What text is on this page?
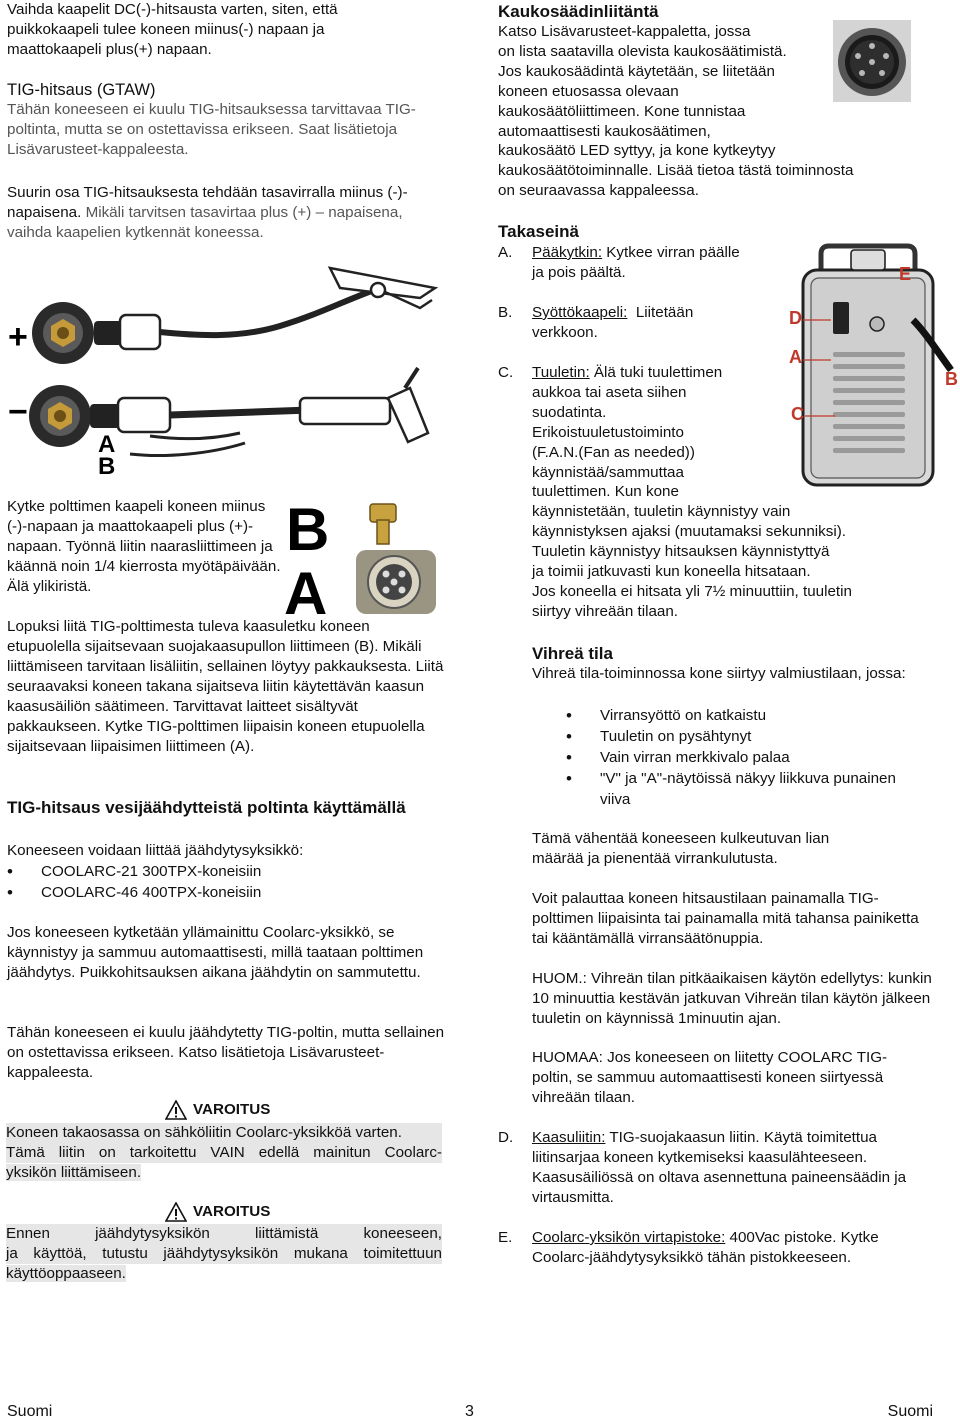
Vaihda kaapelit DC(-)-hitsausta varten, siten, että puikkokaapeli tulee koneen miinus(-) napaan ja maattokaapeli plus(+) napaan.

TIG-hitsaus (GTAW)

Tähän koneeseen ei kuulu TIG-hitsauksessa tarvittavaa TIG-poltinta, mutta se on ostettavissa erikseen. Saat lisätietoja Lisävarusteet-kappaleesta.

Suurin osa TIG-hitsauksesta tehdään tasavirralla miinus (-)-napaisena. Mikäli tarvitsen tasavirtaa plus (+) – napaisena, vaihda kaapelien kytkennät koneessa.

+
−
A
B

Kytke polttimen kaapeli koneen miinus (-)-napaan ja maattokaapeli plus (+)-napaan. Työnnä liitin naarasliittimeen ja käännä noin 1/4 kierrosta myötäpäivään. Älä ylikiristä.

B
A

Lopuksi liitä TIG-polttimesta tuleva kaasuletku koneen etupuolella sijaitsevaan suojakaasupullon liittimeen (B). Mikäli liittämiseen tarvitaan lisäliitin, sellainen löytyy pakkauksesta. Liitä seuraavaksi koneen takana sijaitseva liitin käytettävän kaasun kaasusäiliön säätimeen. Tarvittavat laitteet sisältyvät pakkaukseen. Kytke TIG-polttimen liipaisin koneen etupuolella sijaitsevaan liipaisimen liittimeen (A).

TIG-hitsaus vesijäähdytteistä poltinta käyttämällä

Koneeseen voidaan liittää jäähdytysyksikkö:

• COOLARC-21 300TPX-koneisiin
• COOLARC-46 400TPX-koneisiin

Jos koneeseen kytketään yllämainittu Coolarc-yksikkö, se käynnistyy ja sammuu automaattisesti, millä taataan polttimen jäähdytys. Puikkohitsauksen aikana jäähdytin on sammutettu.

Tähän koneeseen ei kuulu jäähdytetty TIG-poltin, mutta sellainen on ostettavissa erikseen. Katso lisätietoja Lisävarusteet-kappaleesta.

VAROITUS
Koneen takaosassa on sähköliitin Coolarc-yksikköä varten.
Tämä liitin on tarkoitettu VAIN edellä mainitun Coolarc-
yksikön liittämiseen.
VAROITUS
Ennen jäähdytysyksikön liittämistä koneeseen,
ja käyttöä, tutustu jäähdytysyksikön mukana toimitettuun
käyttöoppaaseen.

Kaukosäädinliitäntä

Katso Lisävarusteet-kappaletta, jossa
on lista saatavilla olevista kaukosäätimistä.
Jos kaukosäädintä käytetään, se liitetään
koneen etuosassa olevaan
kaukosäätöliittimeen. Kone tunnistaa
automaattisesti kaukosäätimen,
kaukosäätö LED syttyy, ja kone kytkeytyy
kaukosäätötoiminnalle. Lisää tietoa tästä toiminnosta
on seuraavassa kappaleessa.

Takaseinä

A. Pääkytkin: Kytkee virran päälle
ja pois päältä.
B. Syöttökaapeli:  Liitetään
verkkoon.
C. Tuuletin: Älä tuki tuulettimen
aukkoa tai aseta siihen
suodatinta.
Erikoistuuletustoiminto
(F.A.N.(Fan as needed))
käynnistää/sammuttaa
tuulettimen. Kun kone
käynnistetään, tuuletin käynnistyy vain
käynnistyksen ajaksi (muutamaksi sekunniksi).
Tuuletin käynnistyy hitsauksen käynnistyttyä
ja toimii jatkuvasti kun koneella hitsataan.
Jos koneella ei hitsata yli 7½ minuuttiin, tuuletin
siirtyy vihreään tilaan.
E
D
A
B
C

Vihreä tila

Vihreä tila-toiminnossa kone siirtyy valmiustilaan, jossa:

• Virransyöttö on katkaistu
• Tuuletin on pysähtynyt
• Vain virran merkkivalo palaa
• "V" ja "A"-näytöissä näkyy liikkuva punainen viiva

Tämä vähentää koneeseen kulkeutuvan lian määrää ja pienentää virrankulutusta.

Voit palauttaa koneen hitsaustilaan painamalla TIG-polttimen liipaisinta tai painamalla mitä tahansa painiketta tai kääntämällä virransäätönuppia.

HUOM.: Vihreän tilan pitkäaikaisen käytön edellytys: kunkin 10 minuuttia kestävän jatkuvan Vihreän tilan käytön jälkeen tuuletin on käynnissä 1minuutin ajan.

HUOMAA: Jos koneeseen on liitetty COOLARC TIG-poltin, se sammuu automaattisesti koneen siirtyessä vihreään tilaan.

D. Kaasuliitin: TIG-suojakaasun liitin. Käytä toimitettua liitinsarjaa koneen kytkemiseksi kaasulähteeseen. Kaasusäiliössä on oltava asennettuna paineensäädin ja virtausmitta.

E. Coolarc-yksikön virtapistoke: 400Vac pistoke. Kytke Coolarc-jäähdytysyksikkö tähän pistokkeeseen.

Suomi	3	Suomi
